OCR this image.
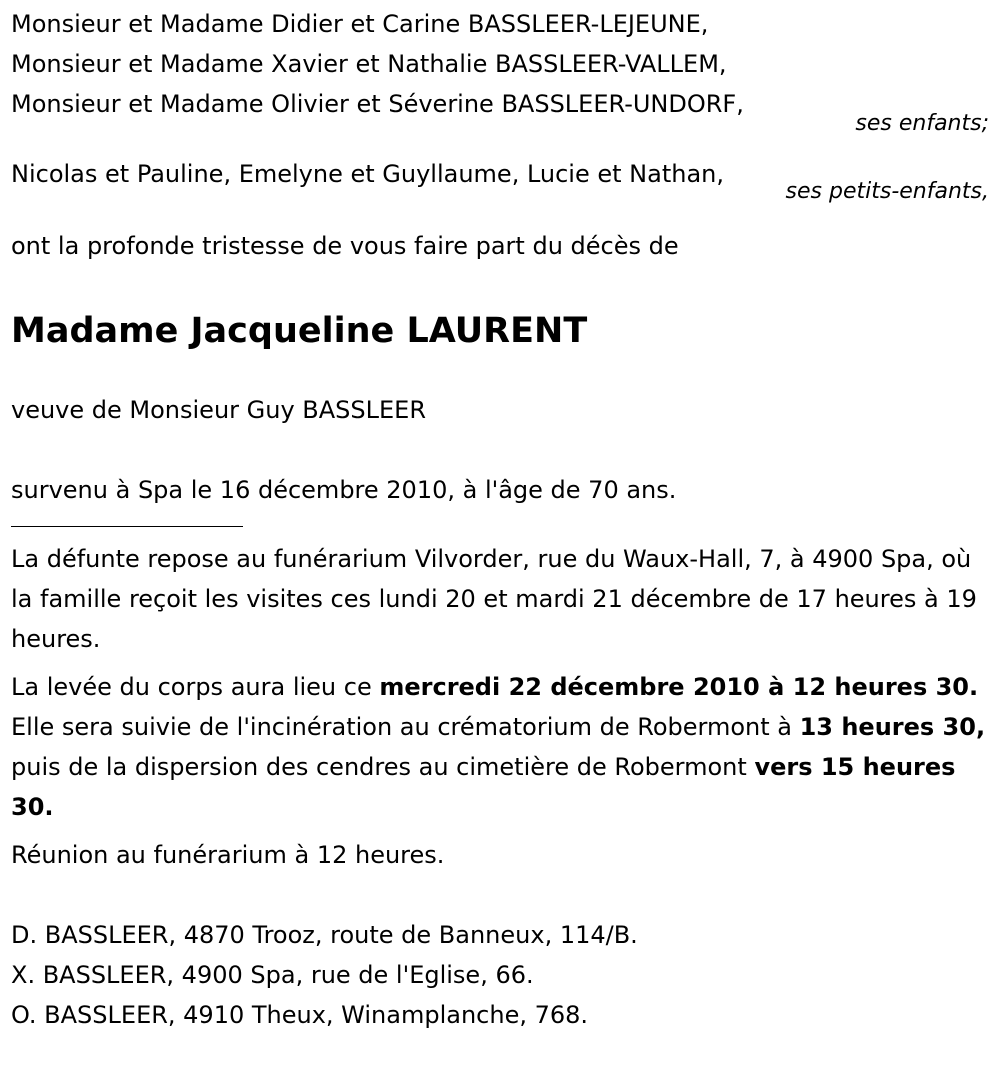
Monsieur et Madame Didier et Carine BASSLEER-LEJEUNE,
Monsieur et Madame Xavier et Nathalie BASSLEER-VALLEM,
Monsieur et Madame Olivier et Séverine BASSLEER-UNDORF,
ses enfants;
Nicolas et Pauline, Emelyne et Guyllaume, Lucie et Nathan,
ses petits-enfants,
ont la profonde tristesse de vous faire part du décès de
Madame Jacqueline LAURENT
veuve de Monsieur Guy BASSLEER
survenu à Spa le 16 décembre 2010, à l'âge de 70 ans.
La défunte repose au funérarium Vilvorder, rue du Waux-Hall, 7, à 4900 Spa, où la famille reçoit les visites ces lundi 20 et mardi 21 décembre de 17 heures à 19 heures.
La levée du corps aura lieu ce mercredi 22 décembre 2010 à 12 heures 30. Elle sera suivie de l'incinération au crématorium de Robermont à 13 heures 30, puis de la dispersion des cendres au cimetière de Robermont vers 15 heures 30.
Réunion au funérarium à 12 heures.
D. BASSLEER, 4870 Trooz, route de Banneux, 114/B.
X. BASSLEER, 4900 Spa, rue de l'Eglise, 66.
O. BASSLEER, 4910 Theux, Winamplanche, 768.
